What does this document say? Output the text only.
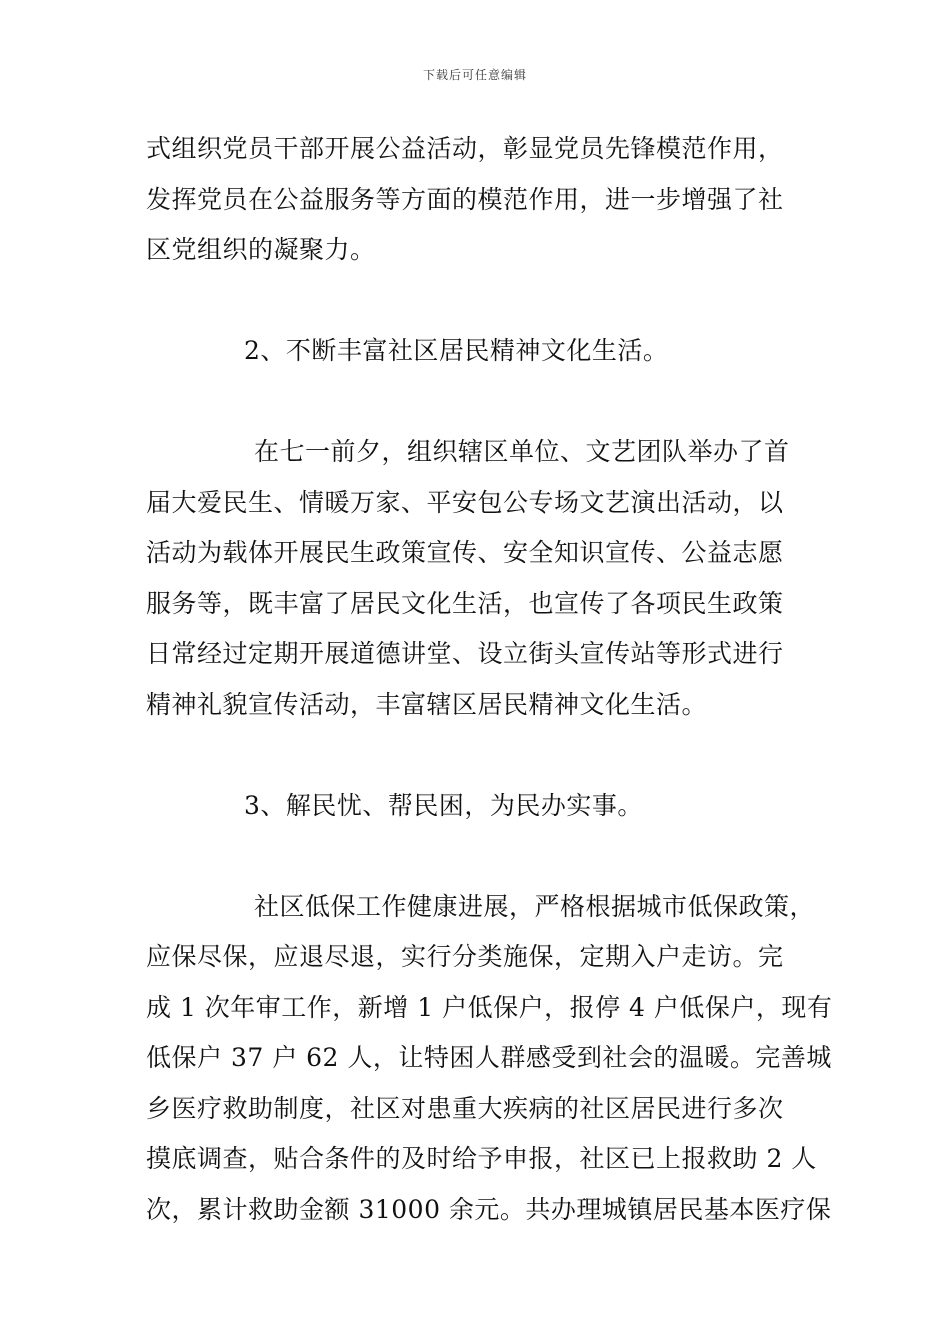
下载后可任意编辑
式组织党员干部开展公益活动，彰显党员先锋模范作用，
发挥党员在公益服务等方面的模范作用，进一步增强了社
区党组织的凝聚力。
2、不断丰富社区居民精神文化生活。
在七一前夕，组织辖区单位、文艺团队举办了首
届大爱民生、情暖万家、平安包公专场文艺演出活动，以
活动为载体开展民生政策宣传、安全知识宣传、公益志愿
服务等，既丰富了居民文化生活，也宣传了各项民生政策
日常经过定期开展道德讲堂、设立街头宣传站等形式进行
精神礼貌宣传活动，丰富辖区居民精神文化生活。
3、解民忧、帮民困，为民办实事。
社区低保工作健康进展，严格根据城市低保政策，
应保尽保，应退尽退，实行分类施保，定期入户走访。完
成 1 次年审工作，新增 1 户低保户，报停 4 户低保户，现有
低保户 37 户 62 人，让特困人群感受到社会的温暖。完善城
乡医疗救助制度，社区对患重大疾病的社区居民进行多次
摸底调查，贴合条件的及时给予申报，社区已上报救助 2 人
次，累计救助金额 31000 余元。共办理城镇居民基本医疗保
